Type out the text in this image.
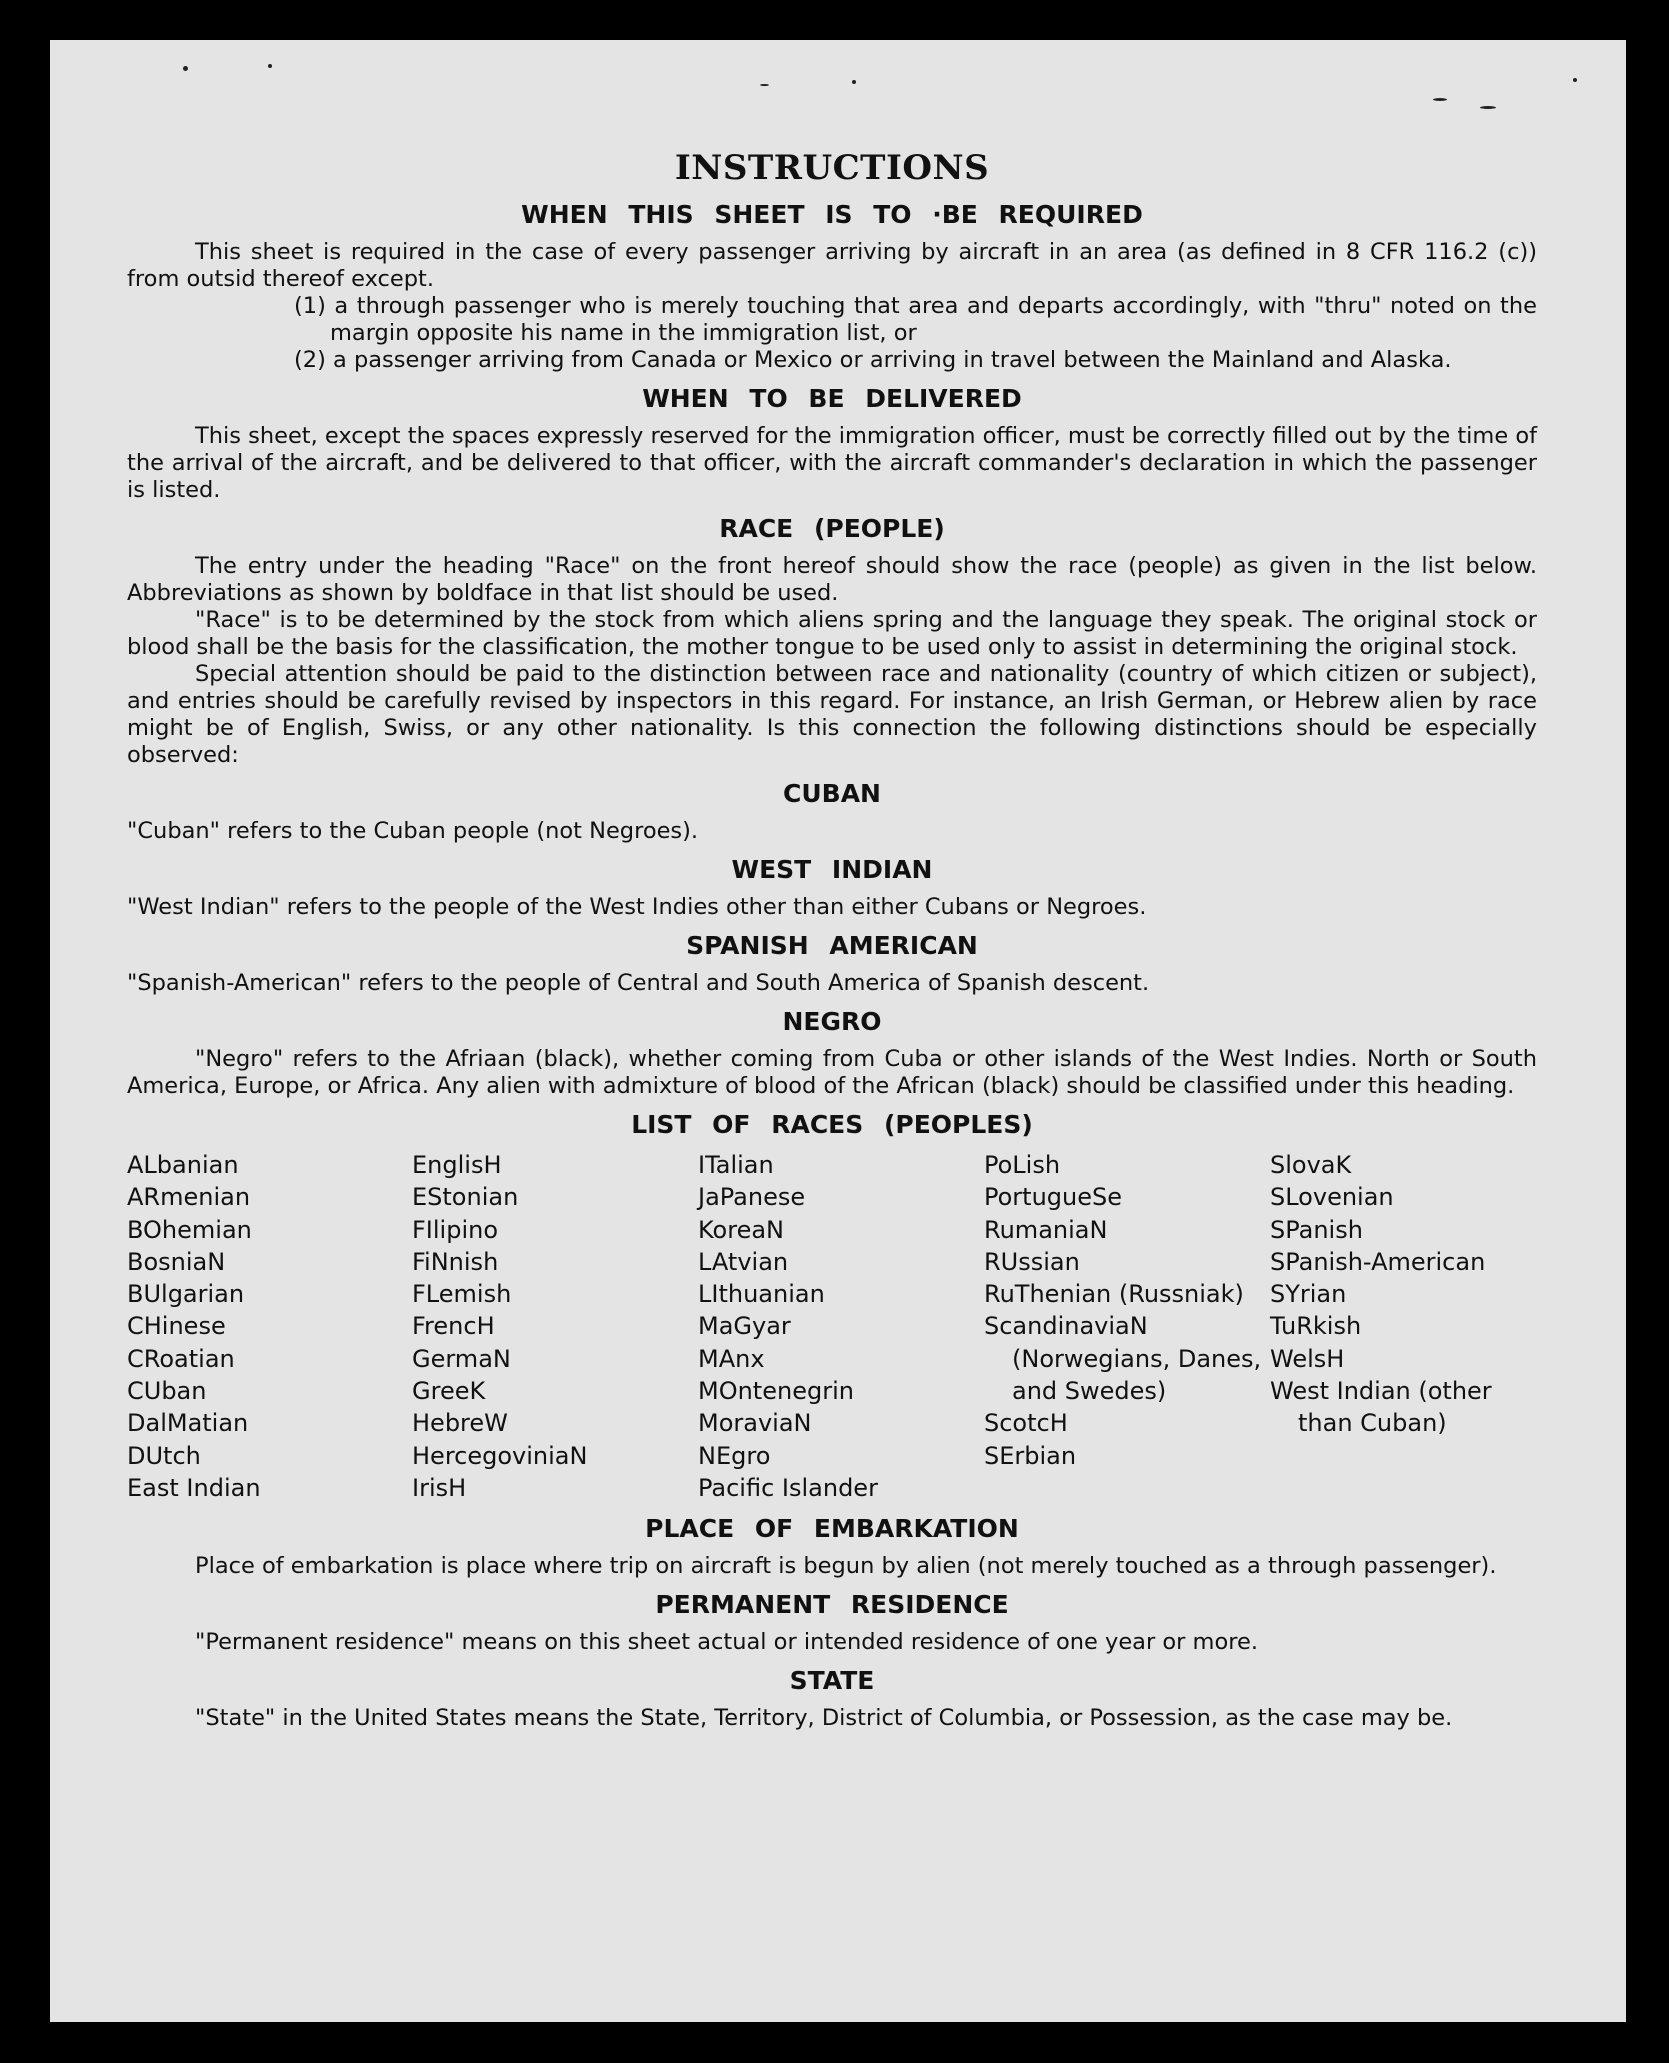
INSTRUCTIONS
WHEN THIS SHEET IS TO ·BE REQUIRED

This sheet is required in the case of every passenger arriving by aircraft in an area (as defined in 8 CFR 116.2 (c)) from outsid thereof except.

(1) a through passenger who is merely touching that area and departs accordingly, with "thru" noted on the margin opposite his name in the immigration list, or

(2) a passenger arriving from Canada or Mexico or arriving in travel between the Mainland and Alaska.

WHEN TO BE DELIVERED

This sheet, except the spaces expressly reserved for the immigration officer, must be correctly filled out by the time of the arrival of the aircraft, and be delivered to that officer, with the aircraft commander's declaration in which the passenger is listed.

RACE (PEOPLE)

The entry under the heading "Race" on the front hereof should show the race (people) as given in the list below. Abbreviations as shown by boldface in that list should be used.

"Race" is to be determined by the stock from which aliens spring and the language they speak. The original stock or blood shall be the basis for the classification, the mother tongue to be used only to assist in determining the original stock.

Special attention should be paid to the distinction between race and nationality (country of which citizen or subject), and entries should be carefully revised by inspectors in this regard. For instance, an Irish German, or Hebrew alien by race might be of English, Swiss, or any other nationality. Is this connection the following distinctions should be especially observed:

CUBAN

"Cuban" refers to the Cuban people (not Negroes).

WEST INDIAN

"West Indian" refers to the people of the West Indies other than either Cubans or Negroes.

SPANISH AMERICAN

"Spanish-American" refers to the people of Central and South America of Spanish descent.

NEGRO

"Negro" refers to the Afriaan (black), whether coming from Cuba or other islands of the West Indies. North or South America, Europe, or Africa. Any alien with admixture of blood of the African (black) should be classified under this heading.

LIST OF RACES (PEOPLES)
ALbanian
ARmenian
BOhemian
BosniaN
BUlgarian
CHinese
CRoatian
CUban
DalMatian
DUtch
East Indian
EnglisH
EStonian
FIlipino
FiNnish
FLemish
FrencH
GermaN
GreeK
HebreW
HercegoviniaN
IrisH
ITalian
JaPanese
KoreaN
LAtvian
LIthuanian
MaGyar
MAnx
MOntenegrin
MoraviaN
NEgro
Pacific Islander
PoLish
PortugueSe
RumaniaN
RUssian
RuThenian (Russniak)
ScandinaviaN (Norwegians, Danes, and Swedes)
ScotcH
SErbian
SlovaK
SLovenian
SPanish
SPanish-American
SYrian
TuRkish
WelsH
West Indian (other than Cuban)
PLACE OF EMBARKATION

Place of embarkation is place where trip on aircraft is begun by alien (not merely touched as a through passenger).

PERMANENT RESIDENCE

"Permanent residence" means on this sheet actual or intended residence of one year or more.

STATE

"State" in the United States means the State, Territory, District of Columbia, or Possession, as the case may be.
